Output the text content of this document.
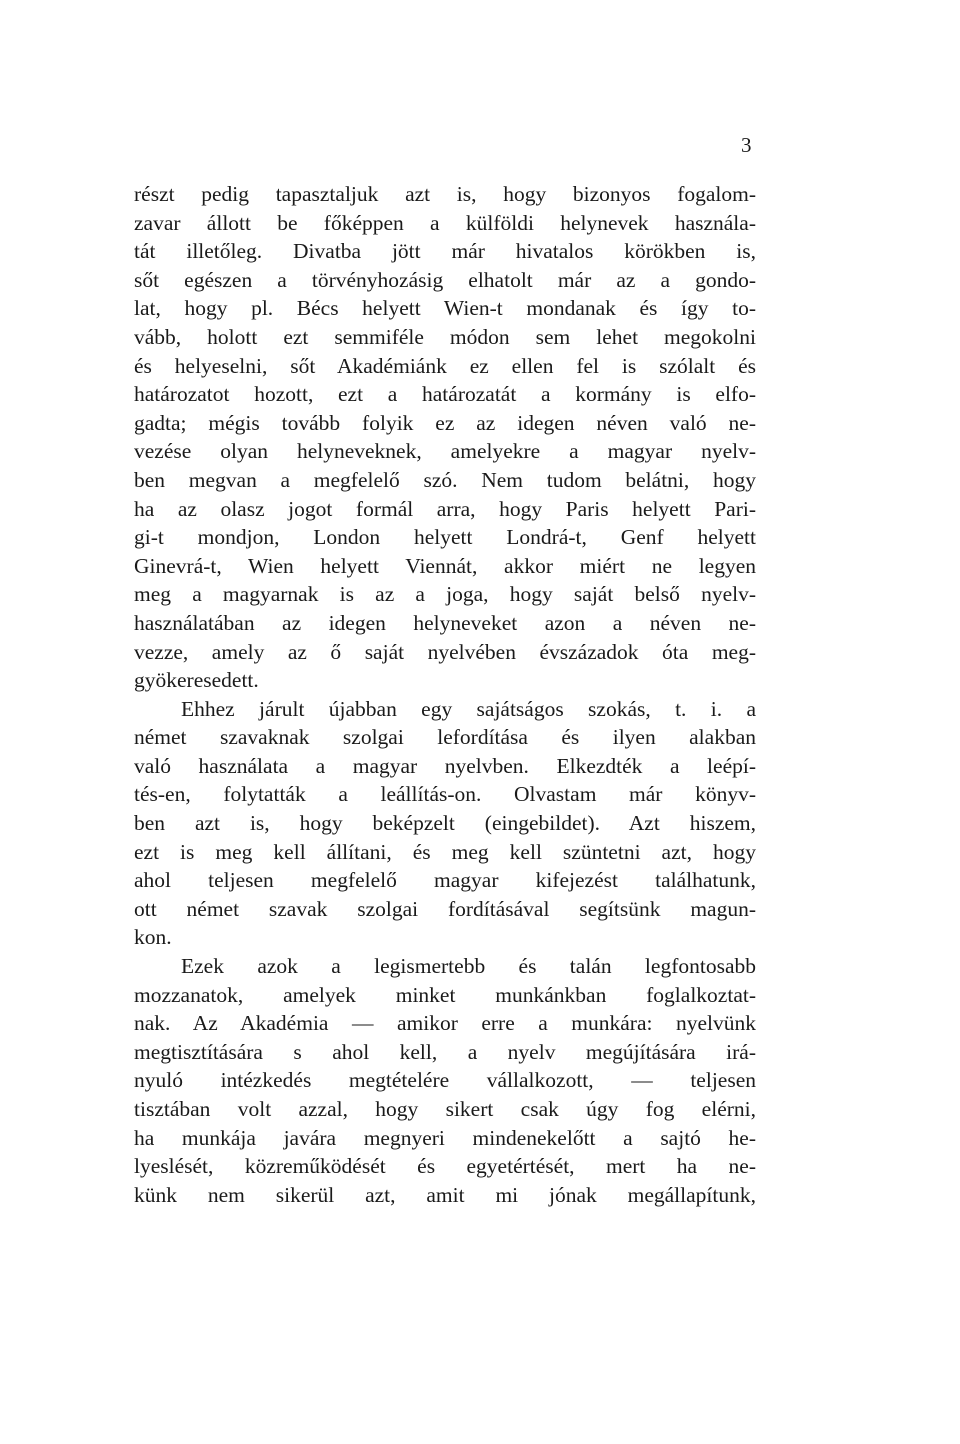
3
részt pedig tapasztaljuk azt is, hogy bizonyos fogalom-
zavar állott be főképpen a külföldi helynevek használa-
tát illetőleg. Divatba jött már hivatalos körökben is,
sőt egészen a törvényhozásig elhatolt már az a gondo-
lat, hogy pl. Bécs helyett Wien-t mondanak és így to-
vább, holott ezt semmiféle módon sem lehet megokolni
és helyeselni, sőt Akadémiánk ez ellen fel is szólalt és
határozatot hozott, ezt a határozatát a kormány is elfo-
gadta; mégis tovább folyik ez az idegen néven való ne-
vezése olyan helyneveknek, amelyekre a magyar nyelv-
ben megvan a megfelelő szó. Nem tudom belátni, hogy
ha az olasz jogot formál arra, hogy Paris helyett Pari-
gi-t mondjon, London helyett Londrá-t, Genf helyett
Ginevrá-t, Wien helyett Viennát, akkor miért ne legyen
meg a magyarnak is az a joga, hogy saját belső nyelv-
használatában az idegen helyneveket azon a néven ne-
vezze, amely az ő saját nyelvében évszázadok óta meg-
gyökeresedett.
Ehhez járult újabban egy sajátságos szokás, t. i. a
német szavaknak szolgai lefordítása és ilyen alakban
való használata a magyar nyelvben. Elkezdték a leépí-
tés-en, folytatták a leállítás-on. Olvastam már könyv-
ben azt is, hogy beképzelt (eingebildet). Azt hiszem,
ezt is meg kell állítani, és meg kell szüntetni azt, hogy
ahol teljesen megfelelő magyar kifejezést találhatunk,
ott német szavak szolgai fordításával segítsünk magun-
kon.
Ezek azok a legismertebb és talán legfontosabb
mozzanatok, amelyek minket munkánkban foglalkoztat-
nak. Az Akadémia — amikor erre a munkára: nyelvünk
megtisztítására s ahol kell, a nyelv megújítására irá-
nyuló intézkedés megtételére vállalkozott, — teljesen
tisztában volt azzal, hogy sikert csak úgy fog elérni,
ha munkája javára megnyeri mindenekelőtt a sajtó he-
lyeslését, közreműködését és egyetértését, mert ha ne-
künk nem sikerül azt, amit mi jónak megállapítunk,
